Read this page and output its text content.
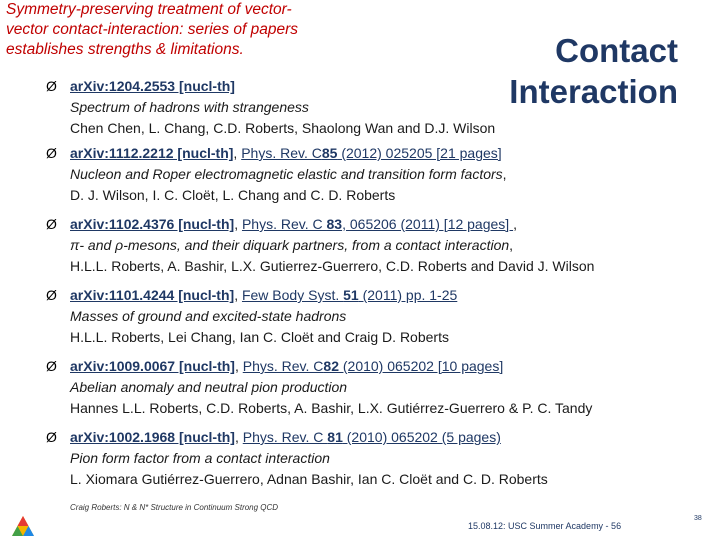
Symmetry-preserving treatment of vector-
vector contact-interaction: series of papers
establishes strengths & limitations.	Contact
Interaction
Ø arXiv:1204.2553 [nucl-th]
Spectrum of hadrons with strangeness
Chen Chen, L. Chang, C.D. Roberts, Shaolong Wan and D.J. Wilson
Ø arXiv:1112.2212 [nucl-th], Phys. Rev. C85 (2012) 025205 [21 pages]
Nucleon and Roper electromagnetic elastic and transition form factors,
D. J. Wilson, I. C. Cloët, L. Chang and C. D. Roberts
Ø arXiv:1102.4376 [nucl-th], Phys. Rev. C 83, 065206 (2011) [12 pages] ,
π- and ρ-mesons, and their diquark partners, from a contact interaction,
H.L.L. Roberts, A. Bashir, L.X. Gutierrez-Guerrero, C.D. Roberts and David J. Wilson
Ø arXiv:1101.4244 [nucl-th], Few Body Syst. 51 (2011) pp. 1-25
Masses of ground and excited-state hadrons
H.L.L. Roberts, Lei Chang, Ian C. Cloët and Craig D. Roberts
Ø arXiv:1009.0067 [nucl-th], Phys. Rev. C82 (2010) 065202 [10 pages]
Abelian anomaly and neutral pion production
Hannes L.L. Roberts, C.D. Roberts, A. Bashir, L.X. Gutiérrez-Guerrero & P. C. Tandy
Ø arXiv:1002.1968 [nucl-th], Phys. Rev. C 81 (2010) 065202 (5 pages)
Pion form factor from a contact interaction
L. Xiomara Gutiérrez-Guerrero, Adnan Bashir, Ian C. Cloët and C. D. Roberts
Craig Roberts: N & N* Structure in Continuum Strong QCD
15.08.12: USC Summer Academy - 56
38
